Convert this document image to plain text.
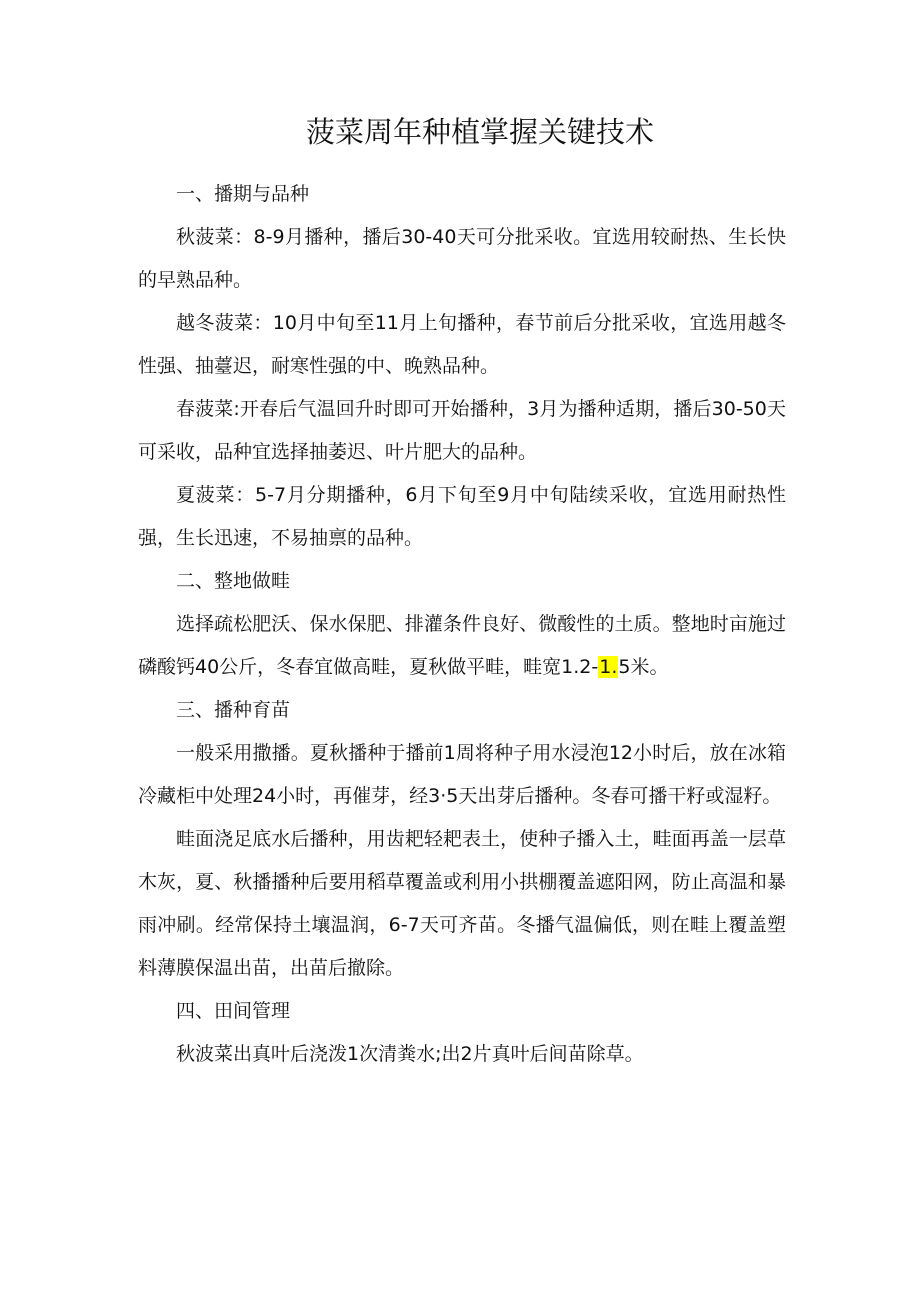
菠菜周年种植掌握关键技术

一、播期与品种

秋菠菜：8-9月播种，播后30-40天可分批采收。宜选用较耐热、生长快的早熟品种。

越冬菠菜：10月中旬至11月上旬播种，春节前后分批采收，宜选用越冬性强、抽薹迟，耐寒性强的中、晚熟品种。

春菠菜:开春后气温回升时即可开始播种，3月为播种适期，播后30-50天可采收，品种宜选择抽萎迟、叶片肥大的品种。

夏菠菜：5-7月分期播种，6月下旬至9月中旬陆续采收，宜选用耐热性强，生长迅速，不易抽禀的品种。

二、整地做畦

选择疏松肥沃、保水保肥、排灌条件良好、微酸性的土质。整地时亩施过磷酸钙40公斤，冬春宜做高畦，夏秋做平畦，畦宽1.2-1.5米。

三、播种育苗

一般采用撒播。夏秋播种于播前1周将种子用水浸泡12小时后，放在冰箱冷藏柜中处理24小时，再催芽，经3·5天出芽后播种。冬春可播干籽或湿籽。

畦面浇足底水后播种，用齿耙轻耙表土，使种子播入土，畦面再盖一层草木灰，夏、秋播播种后要用稻草覆盖或利用小拱棚覆盖遮阳网，防止高温和暴雨冲刷。经常保持土壤温润，6-7天可齐苗。冬播气温偏低，则在畦上覆盖塑料薄膜保温出苗，出苗后撤除。

四、田间管理

秋波菜出真叶后浇泼1次清粪水;出2片真叶后间苗除草。
